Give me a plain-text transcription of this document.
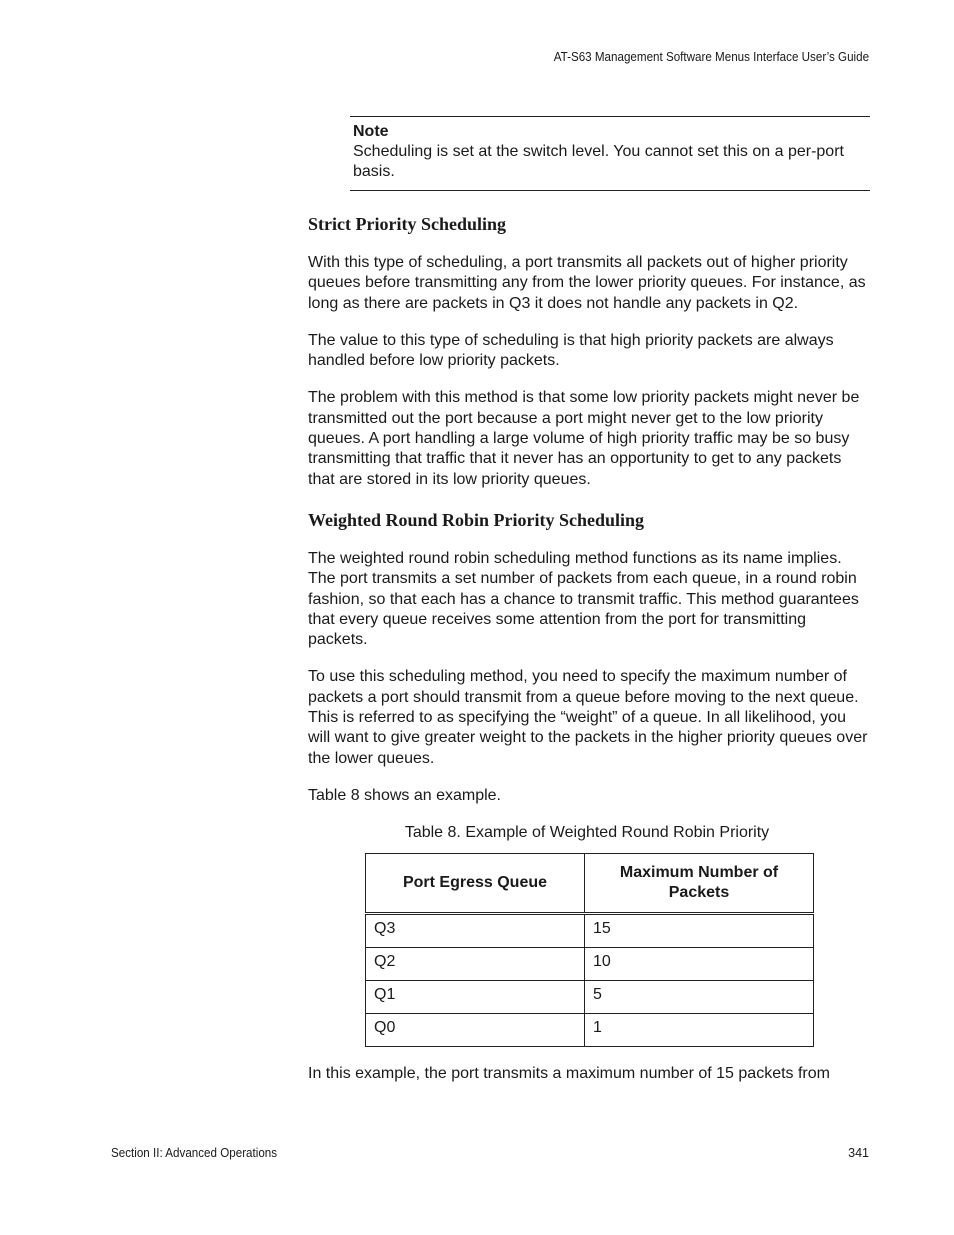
AT-S63 Management Software Menus Interface User’s Guide
Note
Scheduling is set at the switch level. You cannot set this on a per-port basis.
Strict Priority Scheduling

With this type of scheduling, a port transmits all packets out of higher priority queues before transmitting any from the lower priority queues. For instance, as long as there are packets in Q3 it does not handle any packets in Q2.

The value to this type of scheduling is that high priority packets are always handled before low priority packets.

The problem with this method is that some low priority packets might never be transmitted out the port because a port might never get to the low priority queues. A port handling a large volume of high priority traffic may be so busy transmitting that traffic that it never has an opportunity to get to any packets that are stored in its low priority queues.

Weighted Round Robin Priority Scheduling

The weighted round robin scheduling method functions as its name implies. The port transmits a set number of packets from each queue, in a round robin fashion, so that each has a chance to transmit traffic. This method guarantees that every queue receives some attention from the port for transmitting packets.

To use this scheduling method, you need to specify the maximum number of packets a port should transmit from a queue before moving to the next queue. This is referred to as specifying the “weight” of a queue. In all likelihood, you will want to give greater weight to the packets in the higher priority queues over the lower queues.

Table 8 shows an example.

Table 8. Example of Weighted Round Robin Priority
Port Egress Queue	Maximum Number of Packets
Q3	15
Q2	10
Q1	5
Q0	1

In this example, the port transmits a maximum number of 15 packets from

Section II: Advanced Operations	341
